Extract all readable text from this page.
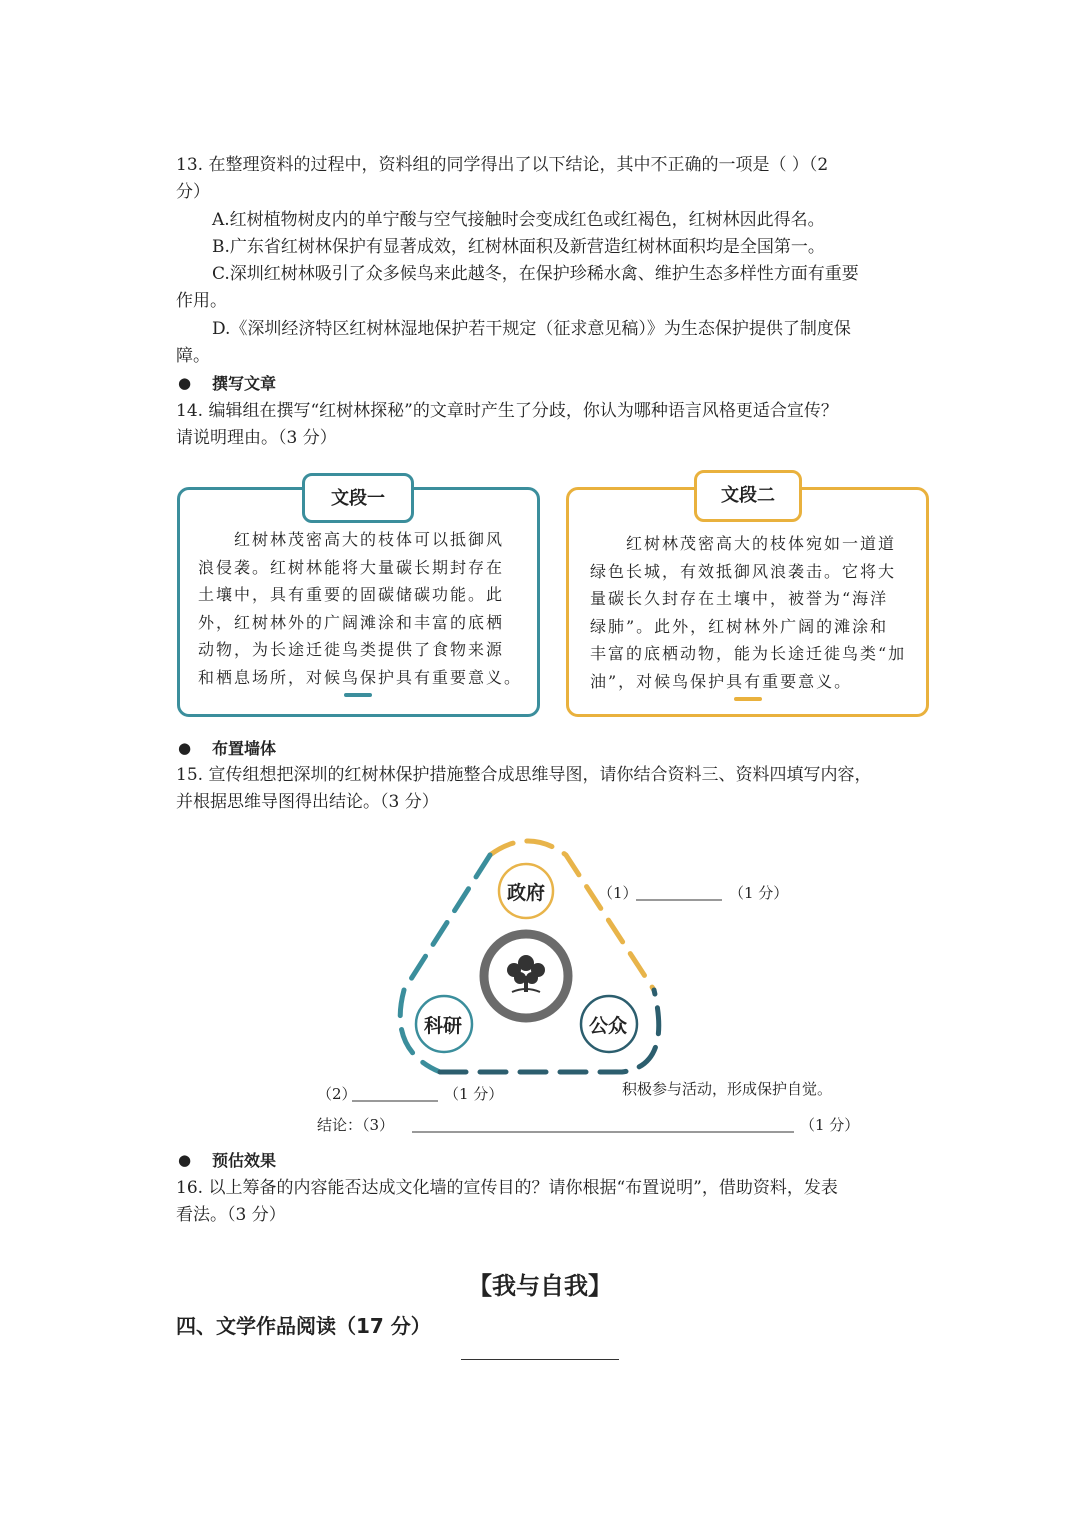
13. 在整理资料的过程中，资料组的同学得出了以下结论，其中不正确的一项是（ ）（2
分）
A.红树植物树皮内的单宁酸与空气接触时会变成红色或红褐色，红树林因此得名。
B.广东省红树林保护有显著成效，红树林面积及新营造红树林面积均是全国第一。
C.深圳红树林吸引了众多候鸟来此越冬，在保护珍稀水禽、维护生态多样性方面有重要
作用。
D.《深圳经济特区红树林湿地保护若干规定（征求意见稿）》为生态保护提供了制度保
障。
● 撰写文章
14. 编辑组在撰写“红树林探秘”的文章时产生了分歧，你认为哪种语言风格更适合宣传？
请说明理由。（3 分）
文段一
红树林茂密高大的枝体可以抵御风
浪侵袭。红树林能将大量碳长期封存在
土壤中，具有重要的固碳储碳功能。此
外，红树林外的广阔滩涂和丰富的底栖
动物，为长途迁徙鸟类提供了食物来源
和栖息场所，对候鸟保护具有重要意义。
文段二
红树林茂密高大的枝体宛如一道道
绿色长城，有效抵御风浪袭击。它将大
量碳长久封存在土壤中，被誉为“海洋
绿肺”。此外，红树林外广阔的滩涂和
丰富的底栖动物，能为长途迁徙鸟类“加
油”，对候鸟保护具有重要意义。
● 布置墙体
15. 宣传组想把深圳的红树林保护措施整合成思维导图，请你结合资料三、资料四填写内容，
并根据思维导图得出结论。（3 分）
政府
科研	公众
（1）	（1 分）
（2）	（1 分）	积极参与活动，形成保护自觉。
结论：（3）	（1 分）
● 预估效果
16. 以上筹备的内容能否达成文化墙的宣传目的？请你根据“布置说明”，借助资料，发表
看法。（3 分）
【我与自我】
四、文学作品阅读（17 分）
